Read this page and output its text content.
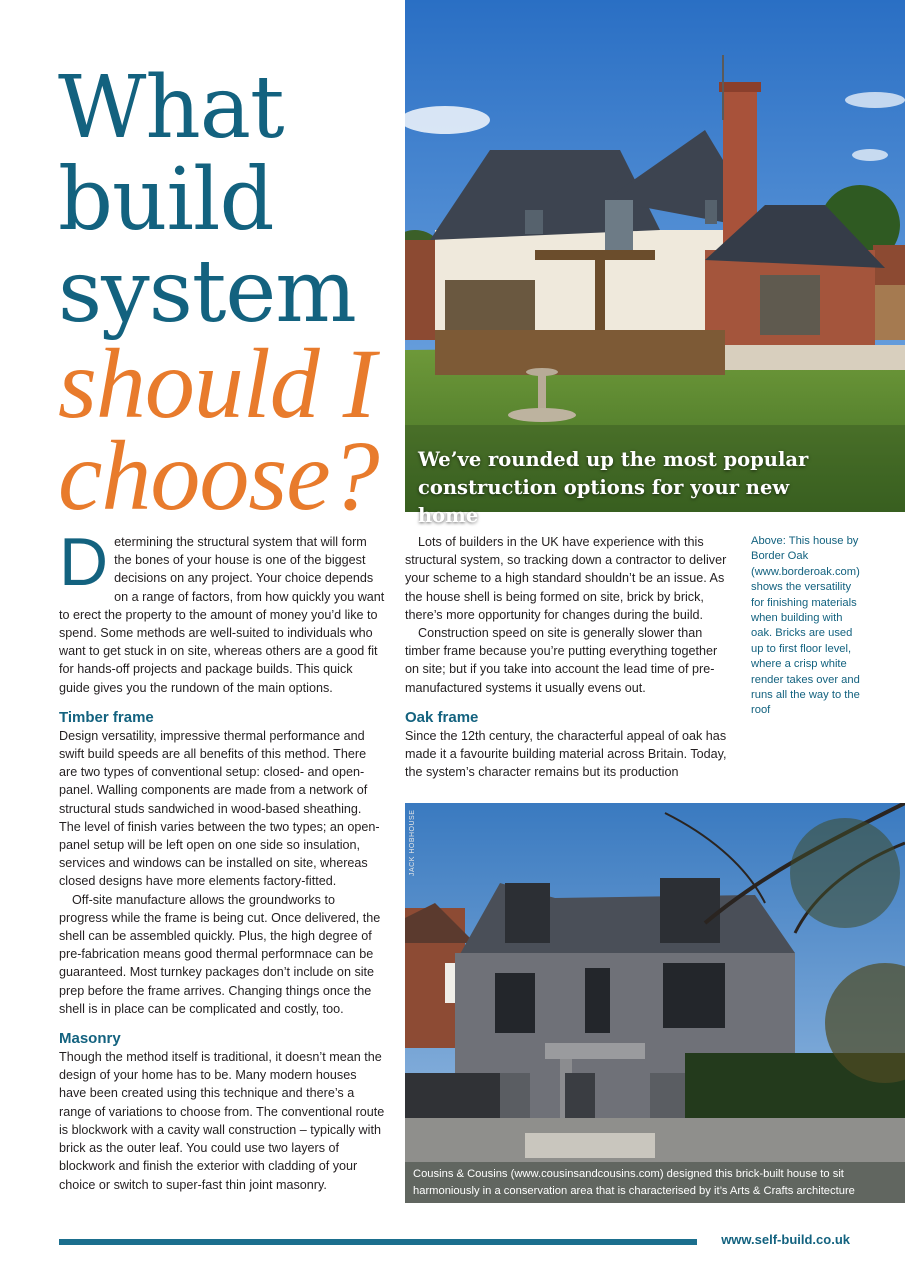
What
build
system
should I
choose?	We’ve rounded up the most popular
construction options for your new home

Determining the structural system that will form the bones of your house is one of the biggest decisions on any project. Your choice depends on a range of factors, from how quickly you want to erect the property to the amount of money you’d like to spend. Some methods are well-suited to individuals who want to get stuck in on site, whereas others are a good fit for hands-off projects and package builds. This quick guide gives you the rundown of the main options.

Timber frame

Design versatility, impressive thermal performance and swift build speeds are all benefits of this method. There are two types of conventional setup: closed- and open-panel. Walling components are made from a network of structural studs sandwiched in wood-based sheathing. The level of finish varies between the two types; an open-panel setup will be left open on one side so insulation, services and windows can be installed on site, whereas closed designs have more elements factory-fitted.

Off-site manufacture allows the groundworks to progress while the frame is being cut. Once delivered, the shell can be assembled quickly. Plus, the high degree of pre-fabrication means good thermal performnace can be guaranteed. Most turnkey packages don’t include on site prep before the frame arrives. Changing things once the shell is in place can be complicated and costly, too.

Masonry

Though the method itself is traditional, it doesn’t mean the design of your home has to be. Many modern houses have been created using this technique and there’s a range of variations to choose from. The conventional route is blockwork with a cavity wall construction – typically with brick as the outer leaf. You could use two layers of blockwork and finish the exterior with cladding of your choice or switch to super-fast thin joint masonry.

Lots of builders in the UK have experience with this structural system, so tracking down a contractor to deliver your scheme to a high standard shouldn’t be an issue. As the house shell is being formed on site, brick by brick, there’s more opportunity for changes during the build.

Construction speed on site is generally slower than timber frame because you’re putting everything together on site; but if you take into account the lead time of pre-manufactured systems it usually evens out.

Oak frame

Since the 12th century, the characterful appeal of oak has made it a favourite building material across Britain. Today, the system’s character remains but its production

Above: This house by Border Oak (www.borderoak.com) shows the versatility for finishing materials when building with oak. Bricks are used up to first floor level, where a crisp white render takes over and runs all the way to the roof
JACK HOBHOUSE
Cousins & Cousins (www.cousinsandcousins.com) designed this brick-built house to sit
harmoniously in a conservation area that is characterised by it’s Arts & Crafts architecture
www.self-build.co.uk
